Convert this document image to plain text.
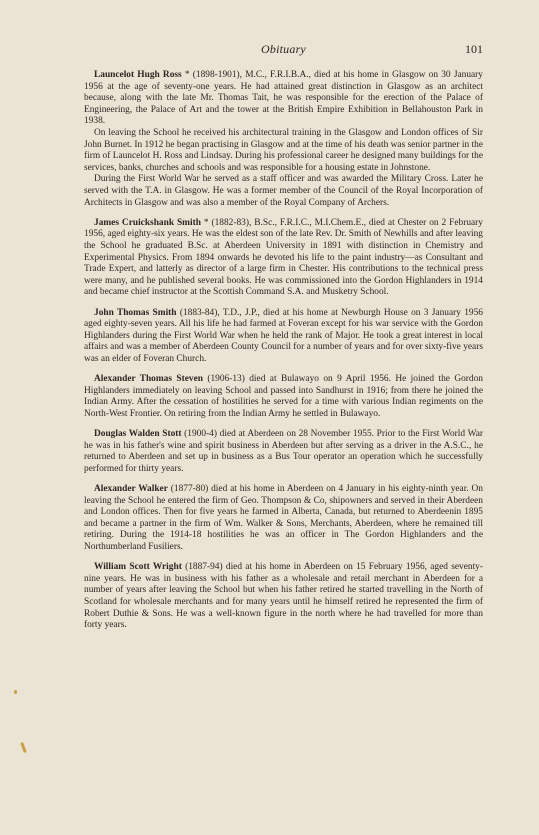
Obituary	101

Launcelot Hugh Ross * (1898-1901), M.C., F.R.I.B.A., died at his home in Glasgow on 30 January 1956 at the age of seventy-one years. He had attained great distinction in Glasgow as an architect because, along with the late Mr. Thomas Tait, he was responsible for the erection of the Palace of Engineering, the Palace of Art and the tower at the British Empire Exhibition in Bellahouston Park in 1938.

On leaving the School he received his architectural training in the Glasgow and London offices of Sir John Burnet. In 1912 he began practising in Glasgow and at the time of his death was senior partner in the firm of Launcelot H. Ross and Lindsay. During his professional career he designed many buildings for the services, banks, churches and schools and was responsible for a housing estate in Johnstone.

During the First World War he served as a staff officer and was awarded the Military Cross. Later he served with the T.A. in Glasgow. He was a former member of the Council of the Royal Incorporation of Architects in Glasgow and was also a member of the Royal Company of Archers.

James Cruickshank Smith * (1882-83), B.Sc., F.R.I.C., M.I.Chem.E., died at Chester on 2 February 1956, aged eighty-six years. He was the eldest son of the late Rev. Dr. Smith of Newhills and after leaving the School he graduated B.Sc. at Aberdeen University in 1891 with distinction in Chemistry and Experimental Physics. From 1894 onwards he devoted his life to the paint industry—as Consultant and Trade Expert, and latterly as director of a large firm in Chester. His contributions to the technical press were many, and he published several books. He was commissioned into the Gordon Highlanders in 1914 and became chief instructor at the Scottish Command S.A. and Musketry School.

John Thomas Smith (1883-84), T.D., J.P., died at his home at Newburgh House on 3 January 1956 aged eighty-seven years. All his life he had farmed at Foveran except for his war service with the Gordon Highlanders during the First World War when he held the rank of Major. He took a great interest in local affairs and was a member of Aberdeen County Council for a number of years and for over sixty-five years was an elder of Foveran Church.

Alexander Thomas Steven (1906-13) died at Bulawayo on 9 April 1956. He joined the Gordon Highlanders immediately on leaving School and passed into Sandhurst in 1916; from there he joined the Indian Army. After the cessation of hostilities he served for a time with various Indian regiments on the North-West Frontier. On retiring from the Indian Army he settled in Bulawayo.

Douglas Walden Stott (1900-4) died at Aberdeen on 28 November 1955. Prior to the First World War he was in his father's wine and spirit business in Aberdeen but after serving as a driver in the A.S.C., he returned to Aberdeen and set up in business as a Bus Tour operator an operation which he successfully performed for thirty years.

Alexander Walker (1877-80) died at his home in Aberdeen on 4 January in his eighty-ninth year. On leaving the School he entered the firm of Geo. Thompson & Co, shipowners and served in their Aberdeen and London offices. Then for five years he farmed in Alberta, Canada, but returned to Aberdeenin 1895 and became a partner in the firm of Wm. Walker & Sons, Merchants, Aberdeen, where he remained till retiring. During the 1914-18 hostilities he was an officer in The Gordon Highlanders and the Northumberland Fusiliers.

William Scott Wright (1887-94) died at his home in Aberdeen on 15 February 1956, aged seventy-nine years. He was in business with his father as a wholesale and retail merchant in Aberdeen for a number of years after leaving the School but when his father retired he started travelling in the North of Scotland for wholesale merchants and for many years until he himself retired he represented the firm of Robert Duthie & Sons. He was a well-known figure in the north where he had travelled for more than forty years.
